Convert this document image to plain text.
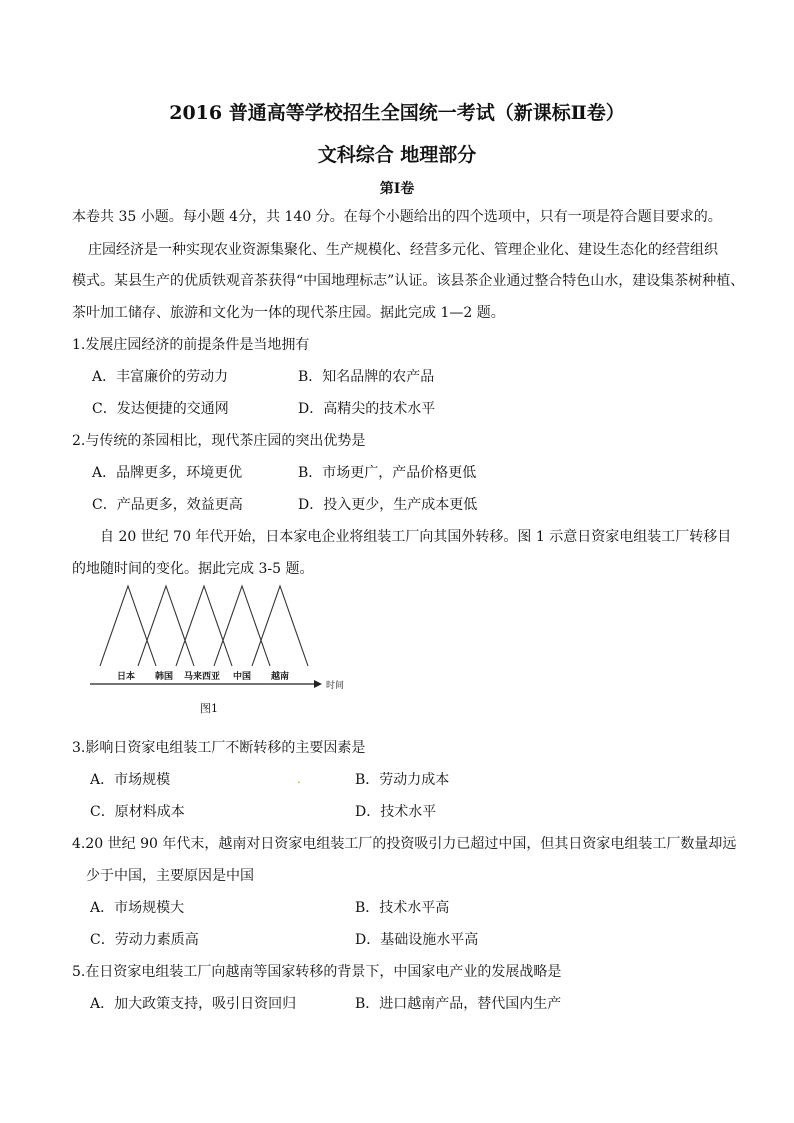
2016 普通高等学校招生全国统一考试（新课标Ⅱ卷）
文科综合 地理部分
第Ⅰ卷
本卷共 35 小题。每小题 4分，共 140 分。在每个小题给出的四个选项中，只有一项是符合题目要求的。
庄园经济是一种实现农业资源集聚化、生产规模化、经营多元化、管理企业化、建设生态化的经营组织
模式。某县生产的优质铁观音茶获得“中国地理标志”认证。该县茶企业通过整合特色山水，建设集茶树种植、
茶叶加工储存、旅游和文化为一体的现代茶庄园。据此完成 1—2 题。
1.发展庄园经济的前提条件是当地拥有
A．丰富廉价的劳动力	B．知名品牌的农产品
C．发达便捷的交通网	D．高精尖的技术水平
2.与传统的茶园相比，现代茶庄园的突出优势是
A．品牌更多，环境更优	B．市场更广，产品价格更低
C．产品更多，效益更高	D．投入更少，生产成本更低
自 20 世纪 70 年代开始，日本家电企业将组装工厂向其国外转移。图 1 示意日资家电组装工厂转移目
的地随时间的变化。据此完成 3-5 题。
日本 韩国 马来西亚 中国 越南
时间
图1
3.影响日资家电组装工厂不断转移的主要因素是
A．市场规模	.	B．劳动力成本
C．原材料成本	D．技术水平
4.20 世纪 90 年代末，越南对日资家电组装工厂的投资吸引力已超过中国，但其日资家电组装工厂数量却远
少于中国，主要原因是中国
A．市场规模大	B．技术水平高
C．劳动力素质高	D．基础设施水平高
5.在日资家电组装工厂向越南等国家转移的背景下，中国家电产业的发展战略是
A．加大政策支持，吸引日资回归	B．进口越南产品，替代国内生产
